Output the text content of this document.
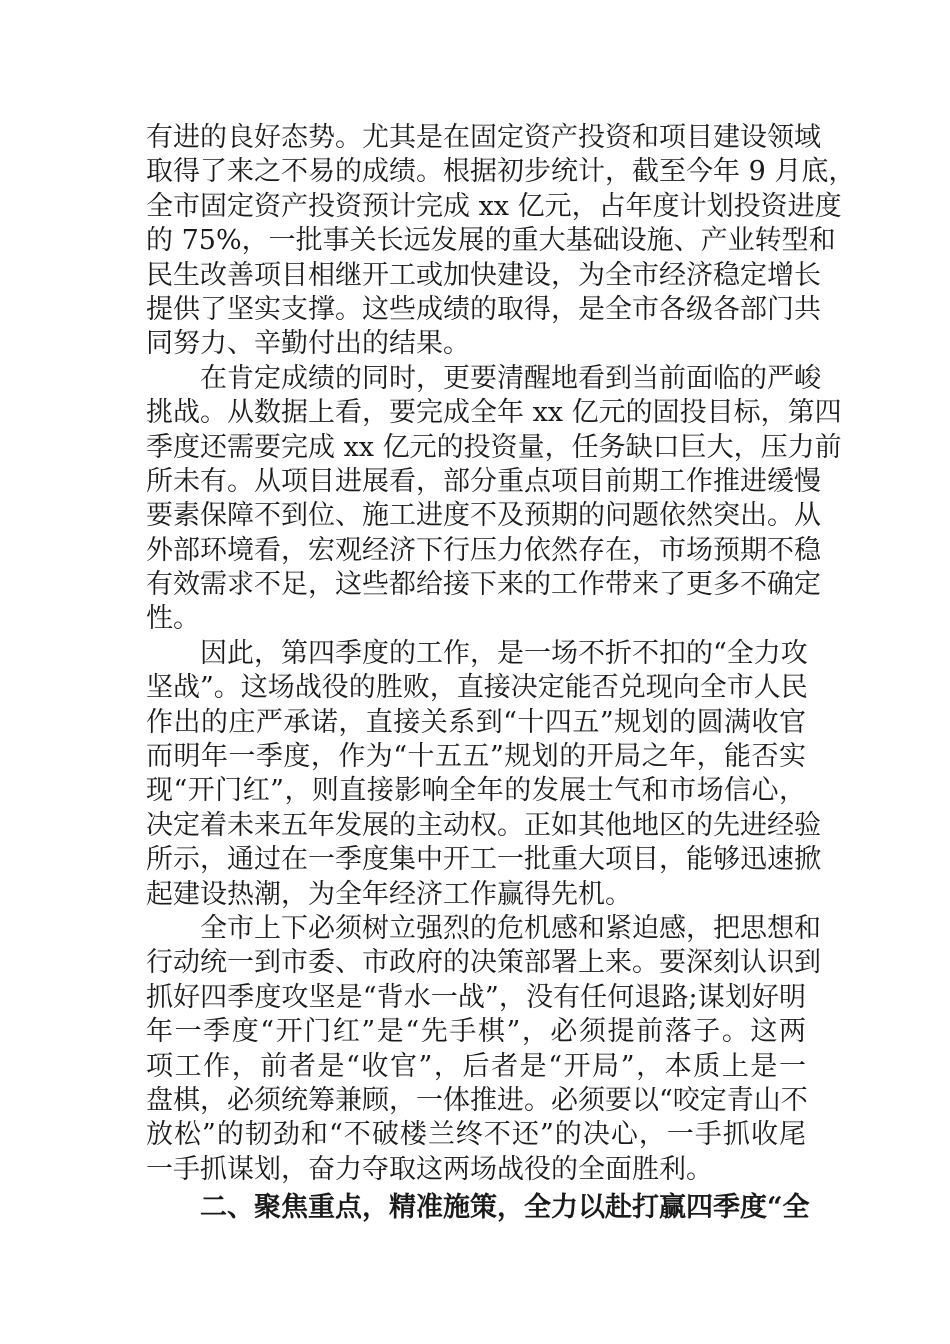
有进的良好态势。尤其是在固定资产投资和项目建设领域
取得了来之不易的成绩。根据初步统计，截至今年 9 月底，
全市固定资产投资预计完成 xx 亿元，占年度计划投资进度
的 75%，一批事关长远发展的重大基础设施、产业转型和
民生改善项目相继开工或加快建设，为全市经济稳定增长
提供了坚实支撑。这些成绩的取得，是全市各级各部门共
同努力、辛勤付出的结果。
在肯定成绩的同时，更要清醒地看到当前面临的严峻
挑战。从数据上看，要完成全年 xx 亿元的固投目标，第四
季度还需要完成 xx 亿元的投资量，任务缺口巨大，压力前
所未有。从项目进展看，部分重点项目前期工作推进缓慢
要素保障不到位、施工进度不及预期的问题依然突出。从
外部环境看，宏观经济下行压力依然存在，市场预期不稳
有效需求不足，这些都给接下来的工作带来了更多不确定
性。
因此，第四季度的工作，是一场不折不扣的“全力攻
坚战”。这场战役的胜败，直接决定能否兑现向全市人民
作出的庄严承诺，直接关系到“十四五”规划的圆满收官
而明年一季度，作为“十五五”规划的开局之年，能否实
现“开门红”，则直接影响全年的发展士气和市场信心，
决定着未来五年发展的主动权。正如其他地区的先进经验
所示，通过在一季度集中开工一批重大项目，能够迅速掀
起建设热潮，为全年经济工作赢得先机。
全市上下必须树立强烈的危机感和紧迫感，把思想和
行动统一到市委、市政府的决策部署上来。要深刻认识到
抓好四季度攻坚是“背水一战”，没有任何退路;谋划好明
年一季度“开门红”是“先手棋”，必须提前落子。这两
项工作，前者是“收官”，后者是“开局”，本质上是一
盘棋，必须统筹兼顾，一体推进。必须要以“咬定青山不
放松”的韧劲和“不破楼兰终不还”的决心，一手抓收尾
一手抓谋划，奋力夺取这两场战役的全面胜利。
二、聚焦重点，精准施策，全力以赴打赢四季度“全
